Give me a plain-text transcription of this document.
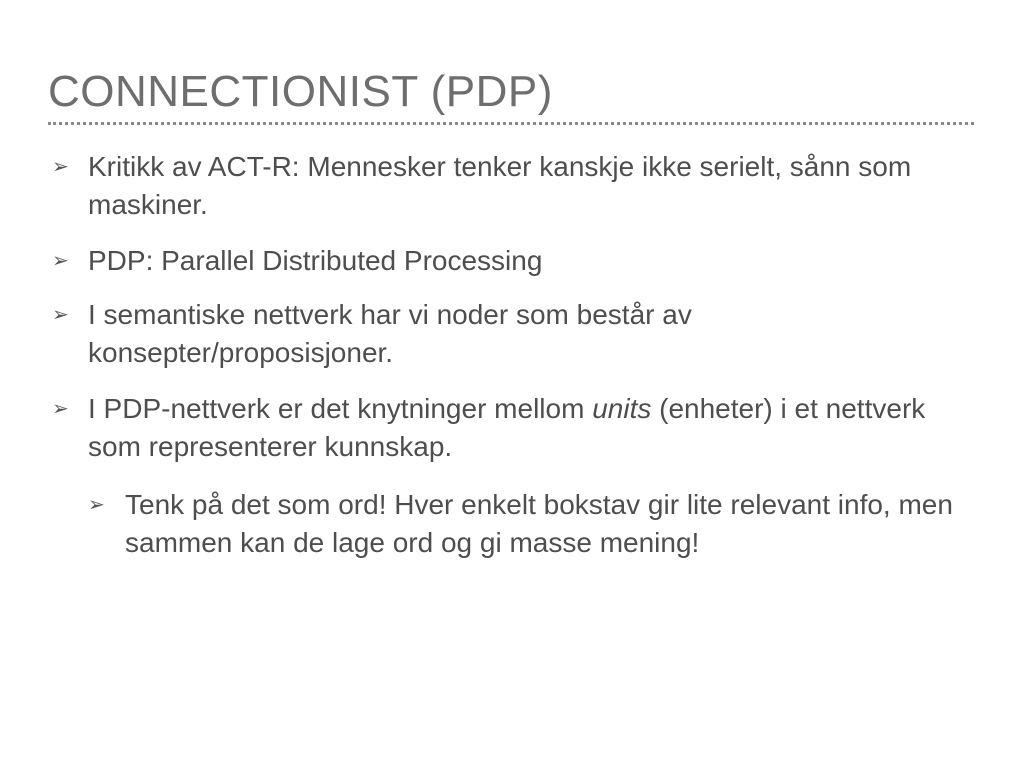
CONNECTIONIST (PDP)
➢ Kritikk av ACT-R: Mennesker tenker kanskje ikke serielt, sånn som maskiner.
➢ PDP: Parallel Distributed Processing
➢ I semantiske nettverk har vi noder som består av konsepter/proposisjoner.
➢ I PDP-nettverk er det knytninger mellom units (enheter) i et nettverk som representerer kunnskap.
➢ Tenk på det som ord! Hver enkelt bokstav gir lite relevant info, men sammen kan de lage ord og gi masse mening!
